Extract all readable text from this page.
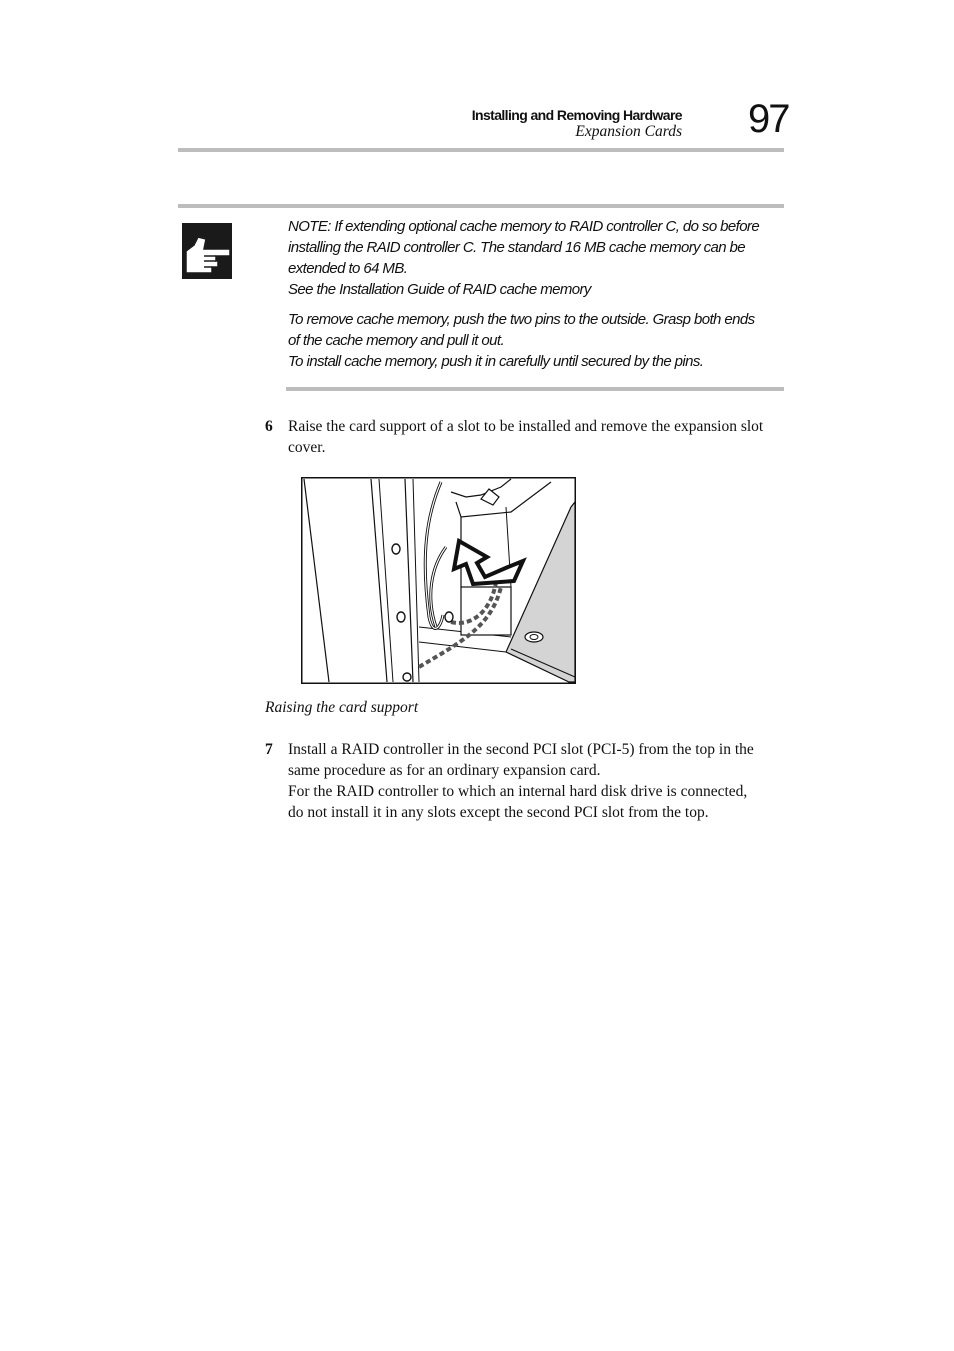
Installing and Removing Hardware
Expansion Cards 97
NOTE: If extending optional cache memory to RAID controller C, do so before
installing the RAID controller C. The standard 16 MB cache memory can be
extended to 64 MB.
See the Installation Guide of RAID cache memory
To remove cache memory, push the two pins to the outside. Grasp both ends
of the cache memory and pull it out.
To install cache memory, push it in carefully until secured by the pins.
6 Raise the card support of a slot to be installed and remove the expansion slot
cover.
Raising the card support
7 Install a RAID controller in the second PCI slot (PCI-5) from the top in the
same procedure as for an ordinary expansion card.
For the RAID controller to which an internal hard disk drive is connected,
do not install it in any slots except the second PCI slot from the top.
